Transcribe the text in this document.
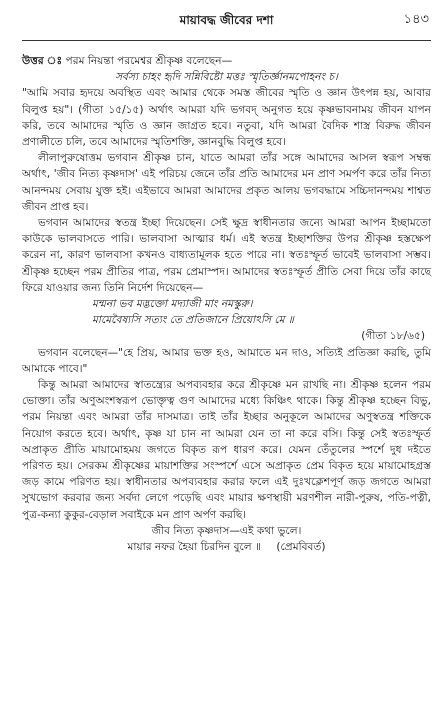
মায়াবদ্ধ জীবের দশা	১৪৩

উত্তর ঃ পরম নিয়ন্তা পরমেশ্বর শ্রীকৃষ্ণ বলেছেন—

সর্বস্য চাহং হৃদি সন্নিবিষ্টো মত্তঃ স্মৃতির্জ্ঞানমপোহনং চ।

"আমি সবার হৃদয়ে অবস্থিত এবং আমার থেকে সমস্ত জীবের স্মৃতি ও জ্ঞান উৎপন্ন হয়, আবার বিলুপ্ত হয়"। (গীতা ১৫/১৫) অর্থাৎ আমরা যদি ভগবদ্ অনুগত হয়ে কৃষ্ণভাবনাময় জীবন যাপন করি, তবে আমাদের স্মৃতি ও জ্ঞান জাগ্রত হবে। নতুবা, যদি আমরা বৈদিক শাস্ত্র বিরুদ্ধ জীবন প্রণালীতে চলি, তবে আমাদের স্মৃতিশক্তি, জ্ঞানবুদ্ধি বিলুপ্ত হবে।

লীলাপুরুষোত্তম ভগবান শ্রীকৃষ্ণ চান, যাতে আমরা তাঁর সঙ্গে আমাদের আসল স্বরূপ সম্বন্ধ অর্থাৎ, 'জীব নিত্য কৃষ্ণদাস' এই পরিচয় জেনে তাঁর প্রতি আমাদের মন প্রাণ সমর্পণ করে তাঁর নিত্য আনন্দময় সেবায় যুক্ত হই। এইভাবে আমরা আমাদের প্রকৃত আলয় ভগবদ্ধামে সচ্চিদানন্দময় শাশ্বত জীবন প্রাপ্ত হব।

ভগবান আমাদের স্বতন্ত্র ইচ্ছা দিয়েছেন। সেই ক্ষুদ্র স্বাধীনতার জন্যে আমরা আপন ইচ্ছামতো কাউকে ভালবাসতে পারি। ভালবাসা আত্মার ধর্ম। এই স্বতন্ত্র ইচ্ছাশক্তির উপর শ্রীকৃষ্ণ হস্তক্ষেপ করেন না, কারণ ভালবাসা কখনও বাধ্যতামূলক হতে পারে না। স্বতঃস্ফূর্ত ভাবেই ভালবাসা সম্ভব। শ্রীকৃষ্ণ হচ্ছেন পরম প্রীতির পাত্র, পরম প্রেমাস্পদ। আমাদের স্বতঃস্ফূর্ত প্রীতি সেবা দিয়ে তাঁর কাছে ফিরে যাওয়ার জন্য তিনি নির্দেশ দিয়েছেন—

মন্মনা ভব মদ্ভক্তো মদ্যাজী মাং নমস্কুরু।

মামেবৈষ্যসি সত্যং তে প্রতিজানে প্রিয়োঽসি মে ॥

(গীতা ১৮/৬৫)

ভগবান বলেছেন—"হে প্রিয়, আমার ভক্ত হও, আমাতে মন দাও, সত্যিই প্রতিজ্ঞা করছি, তুমি আমাকে পাবে।"

কিন্তু আমরা আমাদের স্বাতন্ত্র্যের অপব্যবহার করে শ্রীকৃষ্ণে মন রাখছি না। শ্রীকৃষ্ণ হলেন পরম ভোক্তা। তাঁর অণুঅংশস্বরূপ ভোক্তৃত্ব গুণ আমাদের মধ্যে কিঞ্চিৎ থাকে। কিন্তু শ্রীকৃষ্ণ হচ্ছেন বিভু, পরম নিয়ন্তা এবং আমরা তাঁর দাসমাত্র। তাই তাঁর ইচ্ছার অনুকূলে আমাদের অণুস্বতন্ত্র শক্তিকে নিয়োগ করতে হবে। অর্থাৎ, কৃষ্ণ যা চান না আমরা যেন তা না করে বসি। কিন্তু সেই স্বতঃস্ফূর্ত অপ্রাকৃত প্রীতি মায়ামোহময় জগতে বিকৃত রূপ ধারণ করে। যেমন তেঁতুলের স্পর্শে দুধ দইতে পরিণত হয়। সেরকম শ্রীকৃষ্ণের মায়াশক্তির সংস্পর্শে এসে অপ্রাকৃত প্রেম বিকৃত হয়ে মায়ামোহগ্রস্ত জড় কামে পরিণত হয়। স্বাধীনতার অপব্যবহার করার ফলে এই দুঃখক্লেশপূর্ণ জড় জগতে আমরা সুখভোগ করবার জন্য সর্বদা লেগে পড়েছি এবং মায়ার ক্ষণস্থায়ী মরণশীল নারী-পুরুষ, পতি-পত্নী, পুত্র-কন্যা কুকুর-বেড়াল সবাইকে মন প্রাণ অর্পণ করছি।

জীব নিত্য কৃষ্ণদাস—এই কথা ভুলে।

মায়ার নফর হৈয়া চিরদিন বুলে ॥ (প্রেমবিবর্ত)
